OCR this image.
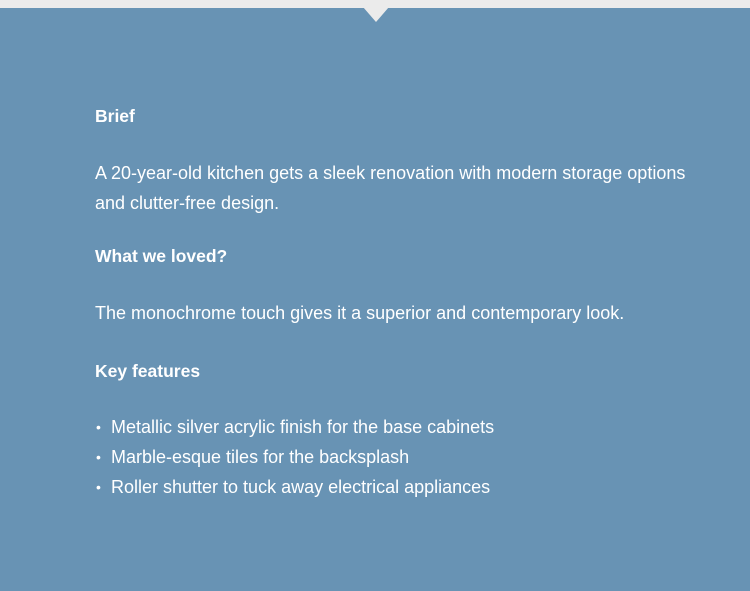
Brief

A 20-year-old kitchen gets a sleek renovation with modern storage options and clutter-free design.

What we loved?

The monochrome touch gives it a superior and contemporary look.

Key features
• Metallic silver acrylic finish for the base cabinets
• Marble-esque tiles for the backsplash
• Roller shutter to tuck away electrical appliances
